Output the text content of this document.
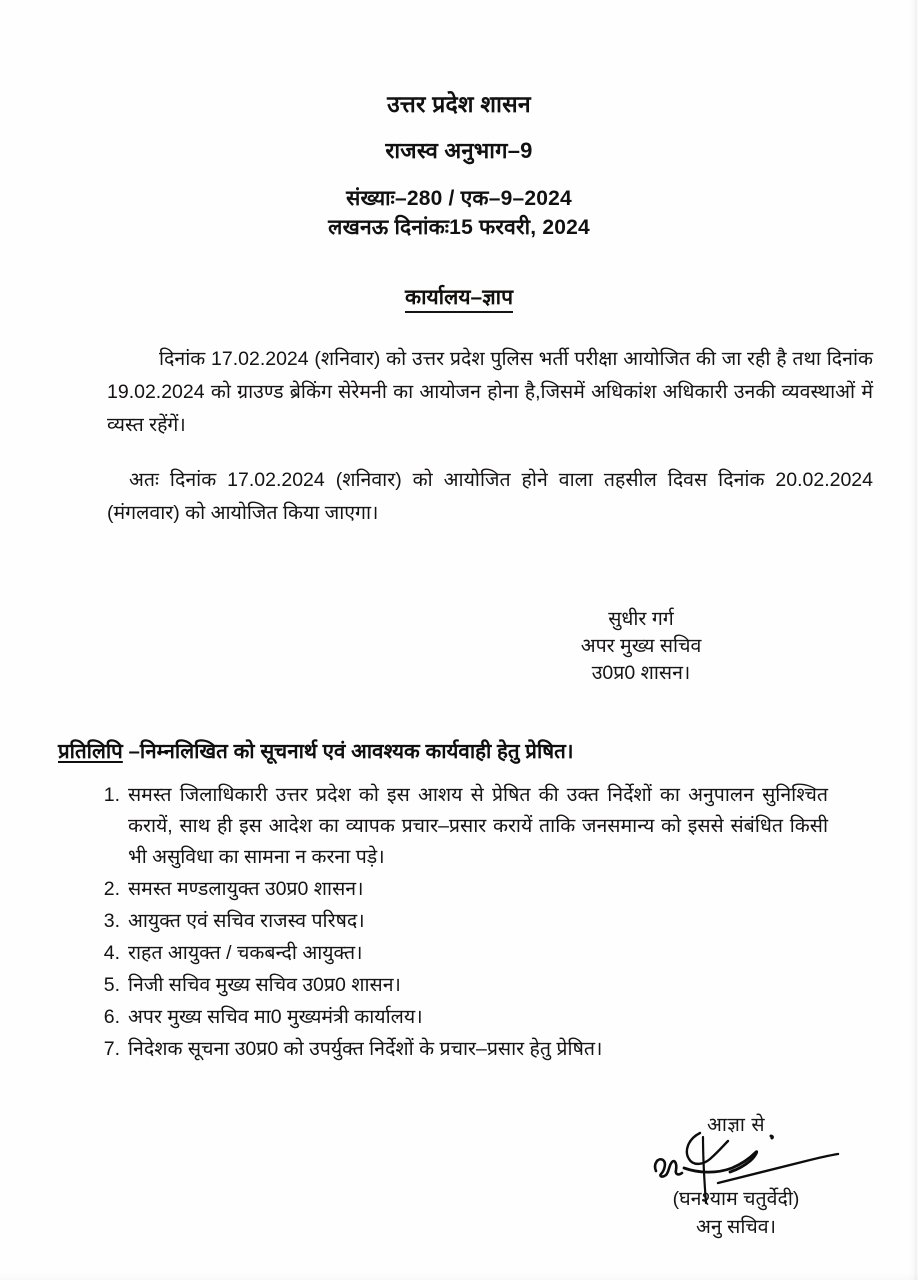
उत्तर प्रदेश शासन
राजस्व अनुभाग–9
संख्याः–280 / एक–9–2024
लखनऊ दिनांकः15 फरवरी, 2024
कार्यालय–ज्ञाप

दिनांक 17.02.2024 (शनिवार) को उत्तर प्रदेश पुलिस भर्ती परीक्षा आयोजित की जा रही है तथा दिनांक 19.02.2024 को ग्राउण्ड ब्रेकिंग सेरेमनी का आयोजन होना है,जिसमें अधिकांश अधिकारी उनकी व्यवस्थाओं में व्यस्त रहेंगें।

अतः दिनांक 17.02.2024 (शनिवार) को आयोजित होने वाला तहसील दिवस दिनांक 20.02.2024 (मंगलवार) को आयोजित किया जाएगा।

सुधीर गर्ग
अपर मुख्य सचिव
उ0प्र0 शासन।
प्रतिलिपि –निम्नलिखित को सूचनार्थ एवं आवश्यक कार्यवाही हेतु प्रेषित।
समस्त जिलाधिकारी उत्तर प्रदेश को इस आशय से प्रेषित की उक्त निर्देशों का अनुपालन सुनिश्चित करायें, साथ ही इस आदेश का व्यापक प्रचार–प्रसार करायें ताकि जनसमान्य को इससे संबंधित किसी भी असुविधा का सामना न करना पड़े।
समस्त मण्डलायुक्त उ0प्र0 शासन।
आयुक्त एवं सचिव राजस्व परिषद।
राहत आयुक्त / चकबन्दी आयुक्त।
निजी सचिव मुख्य सचिव उ0प्र0 शासन।
अपर मुख्य सचिव मा0 मुख्यमंत्री कार्यालय।
निदेशक सूचना उ0प्र0 को उपर्युक्त निर्देशों के प्रचार–प्रसार हेतु प्रेषित।
आज्ञा से
(घनश्याम चतुर्वेदी)
अनु सचिव।
